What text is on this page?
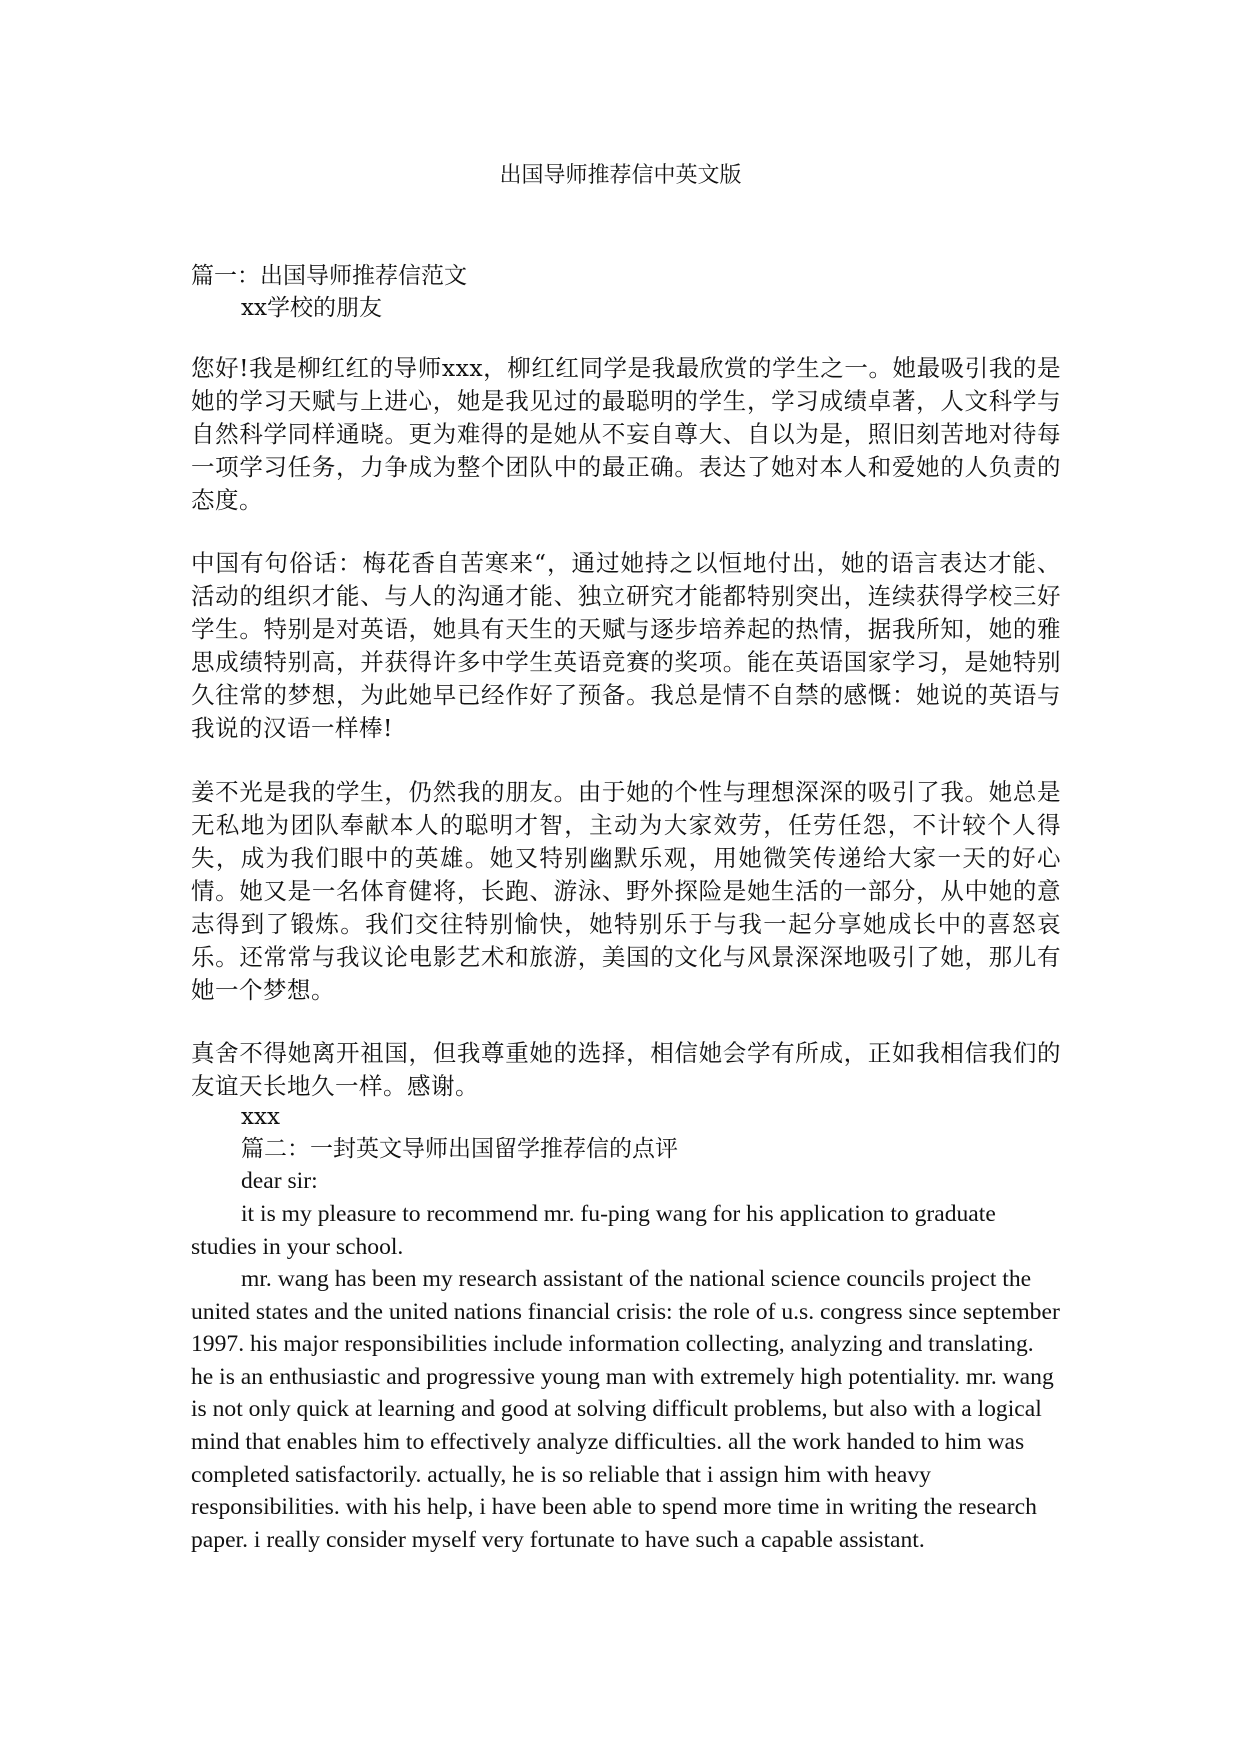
出国导师推荐信中英文版
篇一：出国导师推荐信范文
xx学校的朋友

您好!我是柳红红的导师xxx，柳红红同学是我最欣赏的学生之一。她最吸引我的是她的学习天赋与上进心，她是我见过的最聪明的学生，学习成绩卓著，人文科学与自然科学同样通晓。更为难得的是她从不妄自尊大、自以为是，照旧刻苦地对待每一项学习任务，力争成为整个团队中的最正确。表达了她对本人和爱她的人负责的态度。

中国有句俗话：梅花香自苦寒来“，通过她持之以恒地付出，她的语言表达才能、活动的组织才能、与人的沟通才能、独立研究才能都特别突出，连续获得学校三好学生。特别是对英语，她具有天生的天赋与逐步培养起的热情，据我所知，她的雅思成绩特别高，并获得许多中学生英语竞赛的奖项。能在英语国家学习，是她特别久往常的梦想，为此她早已经作好了预备。我总是情不自禁的感慨：她说的英语与我说的汉语一样棒!

姜不光是我的学生，仍然我的朋友。由于她的个性与理想深深的吸引了我。她总是无私地为团队奉献本人的聪明才智，主动为大家效劳，任劳任怨，不计较个人得失，成为我们眼中的英雄。她又特别幽默乐观，用她微笑传递给大家一天的好心情。她又是一名体育健将，长跑、游泳、野外探险是她生活的一部分，从中她的意志得到了锻炼。我们交往特别愉快，她特别乐于与我一起分享她成长中的喜怒哀乐。还常常与我议论电影艺术和旅游，美国的文化与风景深深地吸引了她，那儿有她一个梦想。

真舍不得她离开祖国，但我尊重她的选择，相信她会学有所成，正如我相信我们的友谊天长地久一样。感谢。

xxx
篇二：一封英文导师出国留学推荐信的点评
dear sir:

it is my pleasure to recommend mr. fu-ping wang for his application to graduate studies in your school.

mr. wang has been my research assistant of the national science councils project the united states and the united nations financial crisis: the role of u.s. congress since september 1997. his major responsibilities include information collecting, analyzing and translating. he is an enthusiastic and progressive young man with extremely high potentiality. mr. wang is not only quick at learning and good at solving difficult problems, but also with a logical mind that enables him to effectively analyze difficulties. all the work handed to him was completed satisfactorily. actually, he is so reliable that i assign him with heavy responsibilities. with his help, i have been able to spend more time in writing the research paper. i really consider myself very fortunate to have such a capable assistant.
